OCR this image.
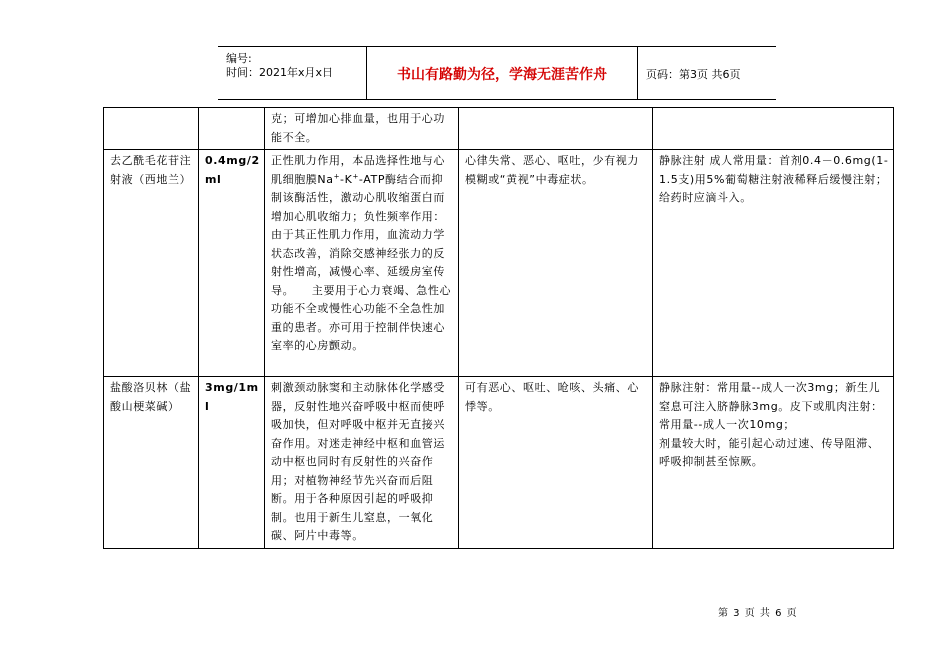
编号:
时间：2021年x月x日	书山有路勤为径，学海无涯苦作舟	页码：第3页 共6页
		克；可增加心排血量，也用于心功能不全。		
去乙酰毛花苷注射液（西地兰）	0.4mg/2ml	正性肌力作用，本品选择性地与心肌细胞膜Na+-K+-ATP酶结合而抑制该酶活性，激动心肌收缩蛋白而增加心肌收缩力；负性频率作用：由于其正性肌力作用，血流动力学状态改善，消除交感神经张力的反射性增高，减慢心率、延缓房室传导。　　主要用于心力衰竭、急性心功能不全或慢性心功能不全急性加重的患者。亦可用于控制伴快速心室率的心房颤动。	心律失常、恶心、呕吐，少有视力模糊或“黄视”中毒症状。	静脉注射 成人常用量：首剂0.4－0.6mg(1-1.5支)用5%葡萄糖注射液稀释后缓慢注射；给药时应滴斗入。
盐酸洛贝林（盐酸山梗菜碱）	3mg/1ml	刺激颈动脉窦和主动脉体化学感受器，反射性地兴奋呼吸中枢而使呼吸加快，但对呼吸中枢并无直接兴奋作用。对迷走神经中枢和血管运动中枢也同时有反射性的兴奋作用；对植物神经节先兴奋而后阻断。用于各种原因引起的呼吸抑制。也用于新生儿窒息，一氧化碳、阿片中毒等。	可有恶心、呕吐、呛咳、头痛、心悸等。	静脉注射：常用量--成人一次3mg；新生儿窒息可注入脐静脉3mg。皮下或肌肉注射：常用量--成人一次10mg；
剂量较大时，能引起心动过速、传导阻滞、呼吸抑制甚至惊厥。
第 3 页 共 6 页
